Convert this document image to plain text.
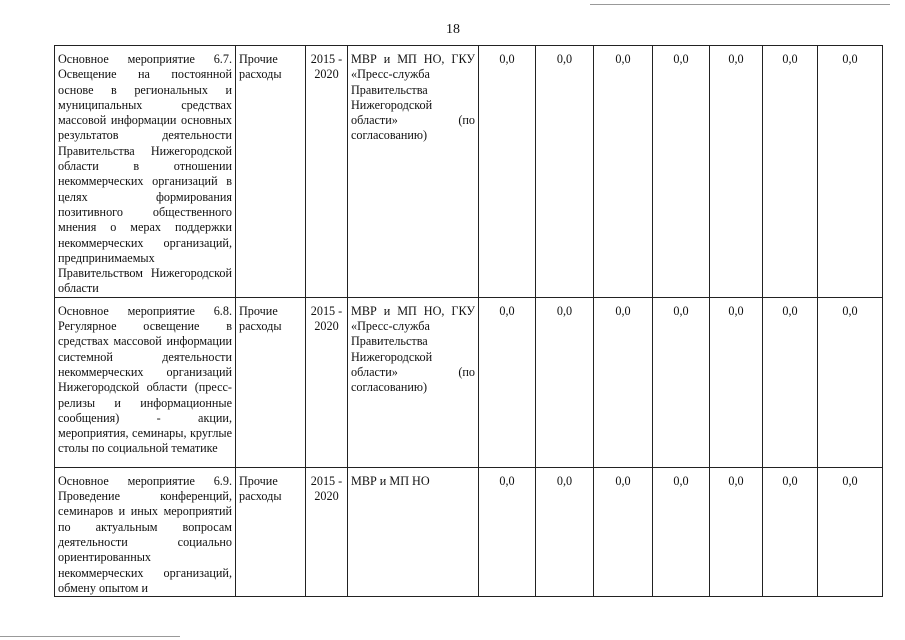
18
Основное мероприятие 6.7. Освещение на постоянной основе в региональных и муниципальных средствах массовой информации основных результатов деятельности Правительства Нижегородской области в отношении некоммерческих организаций в целях формирования позитивного общественного мнения о мерах поддержки некоммерческих организаций, предпринимаемых Правительством Нижегородской области	Прочие расходы	2015 - 2020	МВР и МП НО, ГКУ «Пресс-служба Правительства Нижегородской области» (по согласованию)	0,0	0,0	0,0	0,0	0,0	0,0	0,0
Основное мероприятие 6.8. Регулярное освещение в средствах массовой информации системной деятельности некоммерческих организаций Нижегородской области (пресс-релизы и информационные сообщения) - акции, мероприятия, семинары, круглые столы по социальной тематике	Прочие расходы	2015 - 2020	МВР и МП НО, ГКУ «Пресс-служба Правительства Нижегородской области» (по согласованию)	0,0	0,0	0,0	0,0	0,0	0,0	0,0
Основное мероприятие 6.9. Проведение конференций, семинаров и иных мероприятий по актуальным вопросам деятельности социально ориентированных некоммерческих организаций, обмену опытом и	Прочие расходы	2015 - 2020	МВР и МП НО	0,0	0,0	0,0	0,0	0,0	0,0	0,0
